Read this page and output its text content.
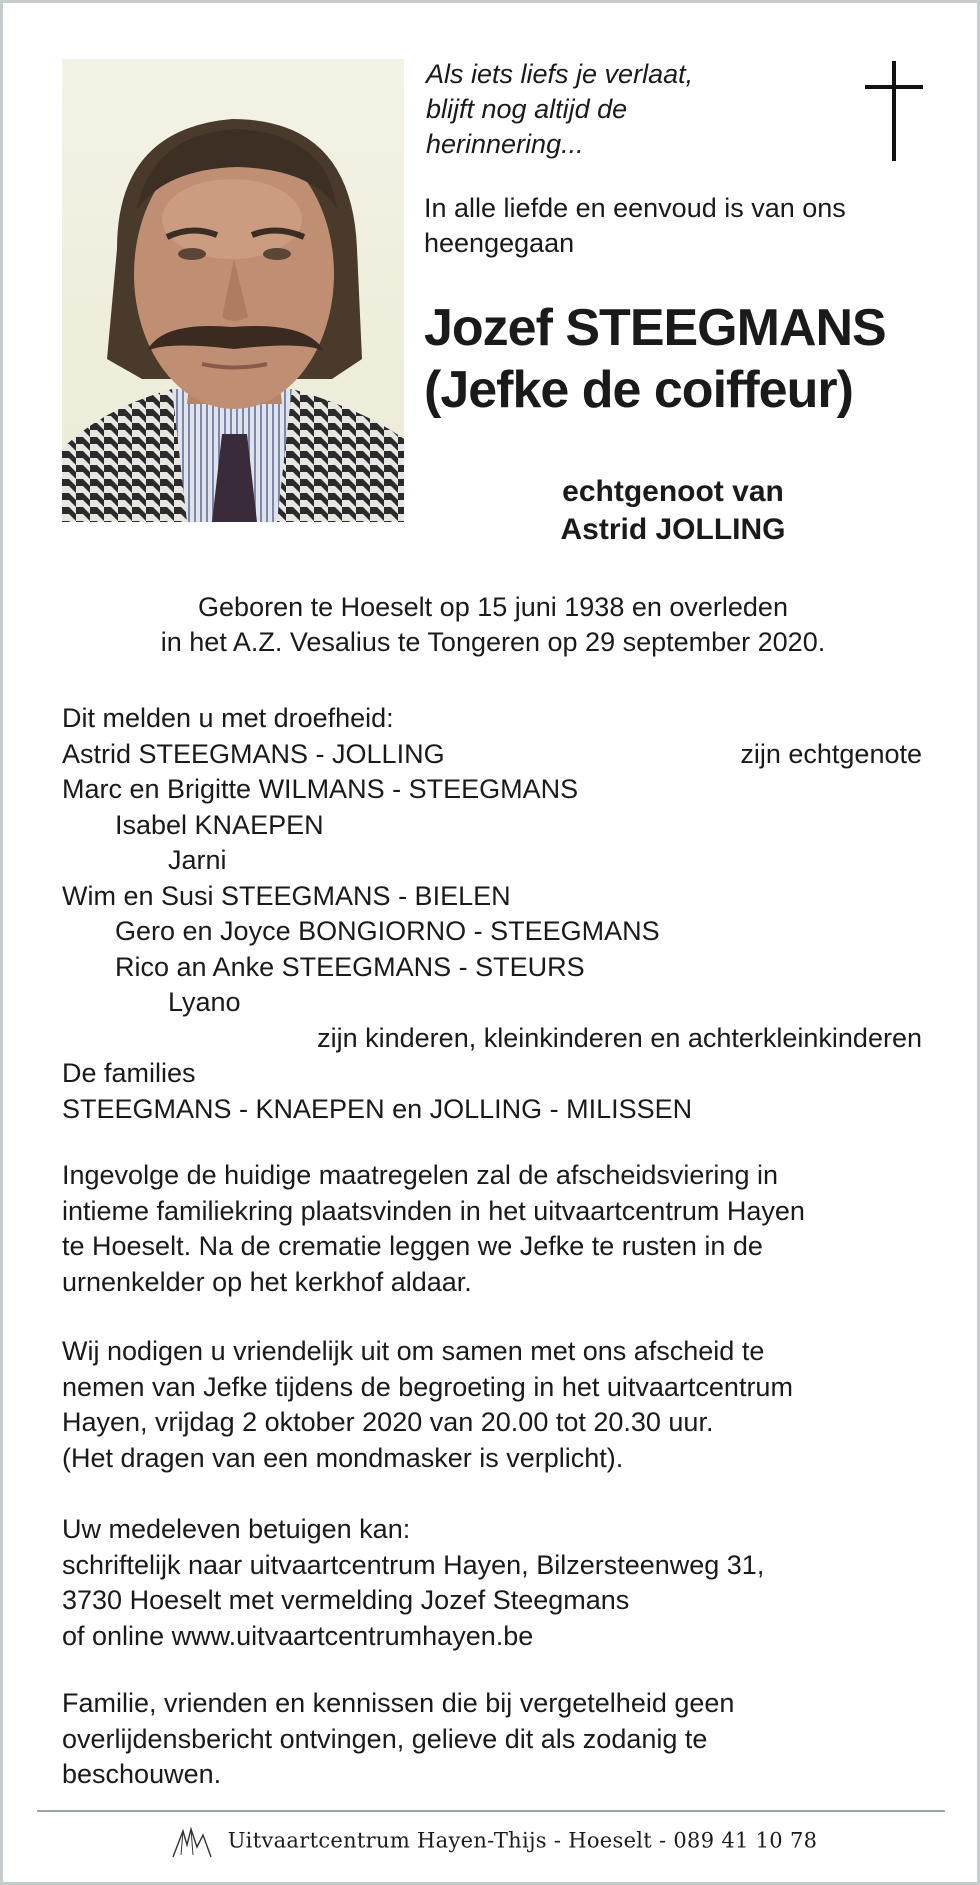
Als iets liefs je verlaat,
blijft nog altijd de
herinnering...
In alle liefde en eenvoud is van ons
heengegaan
Jozef STEEGMANS
(Jefke de coiffeur)
echtgenoot van
Astrid JOLLING
Geboren te Hoeselt op 15 juni 1938 en overleden
in het A.Z. Vesalius te Tongeren op 29 september 2020.
Dit melden u met droefheid:
Astrid STEEGMANS - JOLLING	zijn echtgenote
Marc en Brigitte WILMANS - STEEGMANS
Isabel KNAEPEN
Jarni
Wim en Susi STEEGMANS - BIELEN
Gero en Joyce BONGIORNO - STEEGMANS
Rico an Anke STEEGMANS - STEURS
Lyano
zijn kinderen, kleinkinderen en achterkleinkinderen
De families
STEEGMANS - KNAEPEN en JOLLING - MILISSEN
Ingevolge de huidige maatregelen zal de afscheidsviering in
intieme familiekring plaatsvinden in het uitvaartcentrum Hayen
te Hoeselt. Na de crematie leggen we Jefke te rusten in de
urnenkelder op het kerkhof aldaar.
Wij nodigen u vriendelijk uit om samen met ons afscheid te
nemen van Jefke tijdens de begroeting in het uitvaartcentrum
Hayen, vrijdag 2 oktober 2020 van 20.00 tot 20.30 uur.
(Het dragen van een mondmasker is verplicht).
Uw medeleven betuigen kan:
schriftelijk naar uitvaartcentrum Hayen, Bilzersteenweg 31,
3730 Hoeselt met vermelding Jozef Steegmans
of online www.uitvaartcentrumhayen.be
Familie, vrienden en kennissen die bij vergetelheid geen
overlijdensbericht ontvingen, gelieve dit als zodanig te
beschouwen.
Uitvaartcentrum Hayen-Thijs - Hoeselt - 089 41 10 78
